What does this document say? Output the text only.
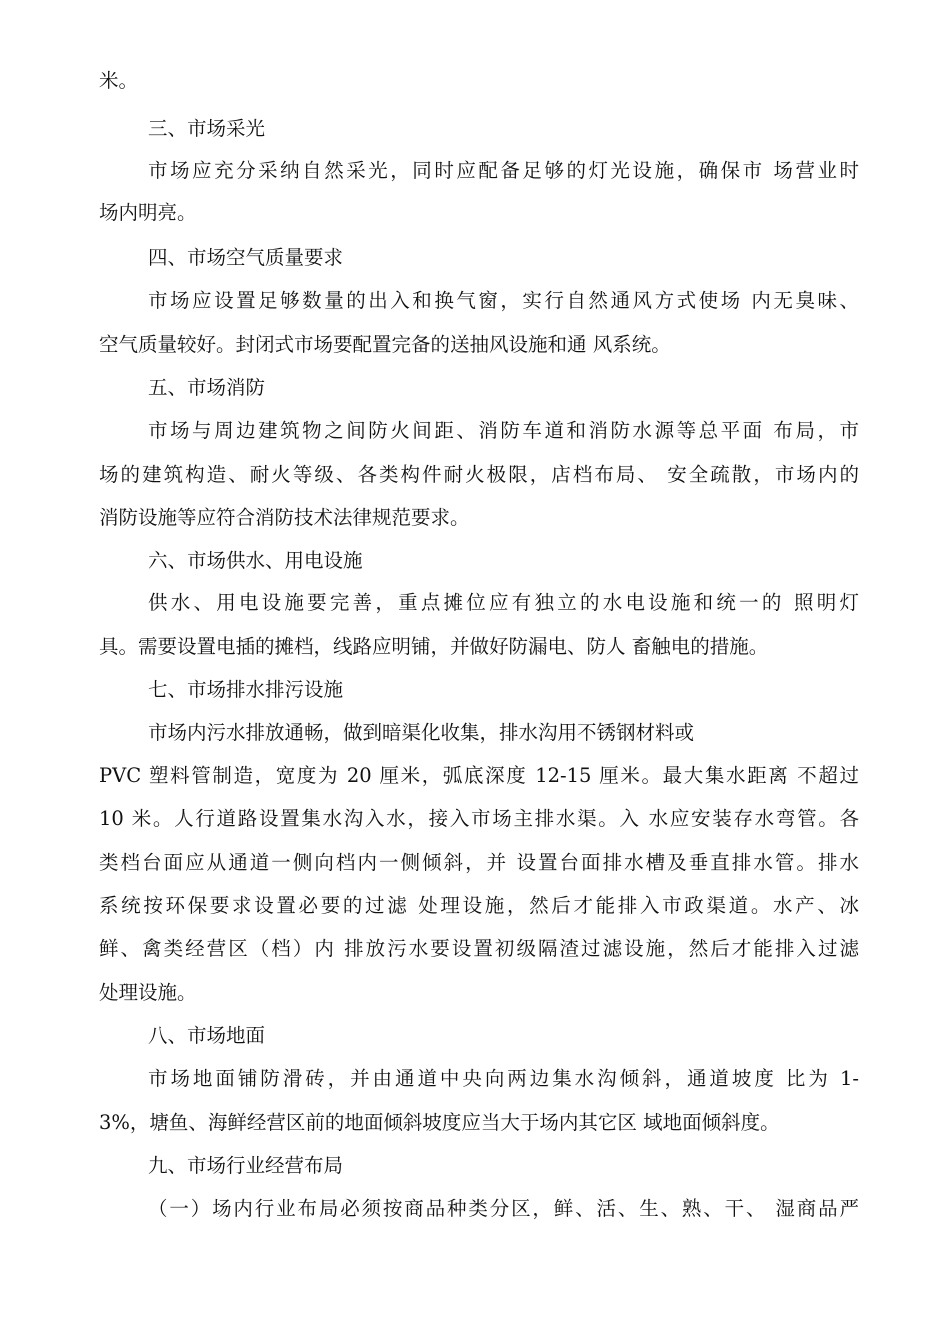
米。
三、市场采光
市场应充分采纳自然采光，同时应配备足够的灯光设施，确保市 场营业时
场内明亮。
四、市场空气质量要求
市场应设置足够数量的出入和换气窗，实行自然通风方式使场 内无臭味、
空气质量较好。封闭式市场要配置完备的送抽风设施和通 风系统。
五、市场消防
市场与周边建筑物之间防火间距、消防车道和消防水源等总平面 布局，市
场的建筑构造、耐火等级、各类构件耐火极限，店档布局、 安全疏散，市场内的
消防设施等应符合消防技术法律规范要求。
六、市场供水、用电设施
供水、用电设施要完善，重点摊位应有独立的水电设施和统一的 照明灯
具。需要设置电插的摊档，线路应明铺，并做好防漏电、防人 畜触电的措施。
七、市场排水排污设施
市场内污水排放通畅，做到暗渠化收集，排水沟用不锈钢材料或
PVC 塑料管制造，宽度为 20 厘米，弧底深度 12-15 厘米。最大集水距离 不超过
10 米。人行道路设置集水沟入水，接入市场主排水渠。入 水应安装存水弯管。各
类档台面应从通道一侧向档内一侧倾斜，并 设置台面排水槽及垂直排水管。排水
系统按环保要求设置必要的过滤 处理设施，然后才能排入市政渠道。水产、冰
鲜、禽类经营区（档）内 排放污水要设置初级隔渣过滤设施，然后才能排入过滤
处理设施。
八、市场地面
市场地面铺防滑砖，并由通道中央向两边集水沟倾斜，通道坡度 比为 1-
3%，塘鱼、海鲜经营区前的地面倾斜坡度应当大于场内其它区 域地面倾斜度。
九、市场行业经营布局
（一）场内行业布局必须按商品种类分区，鲜、活、生、熟、干、 湿商品严
